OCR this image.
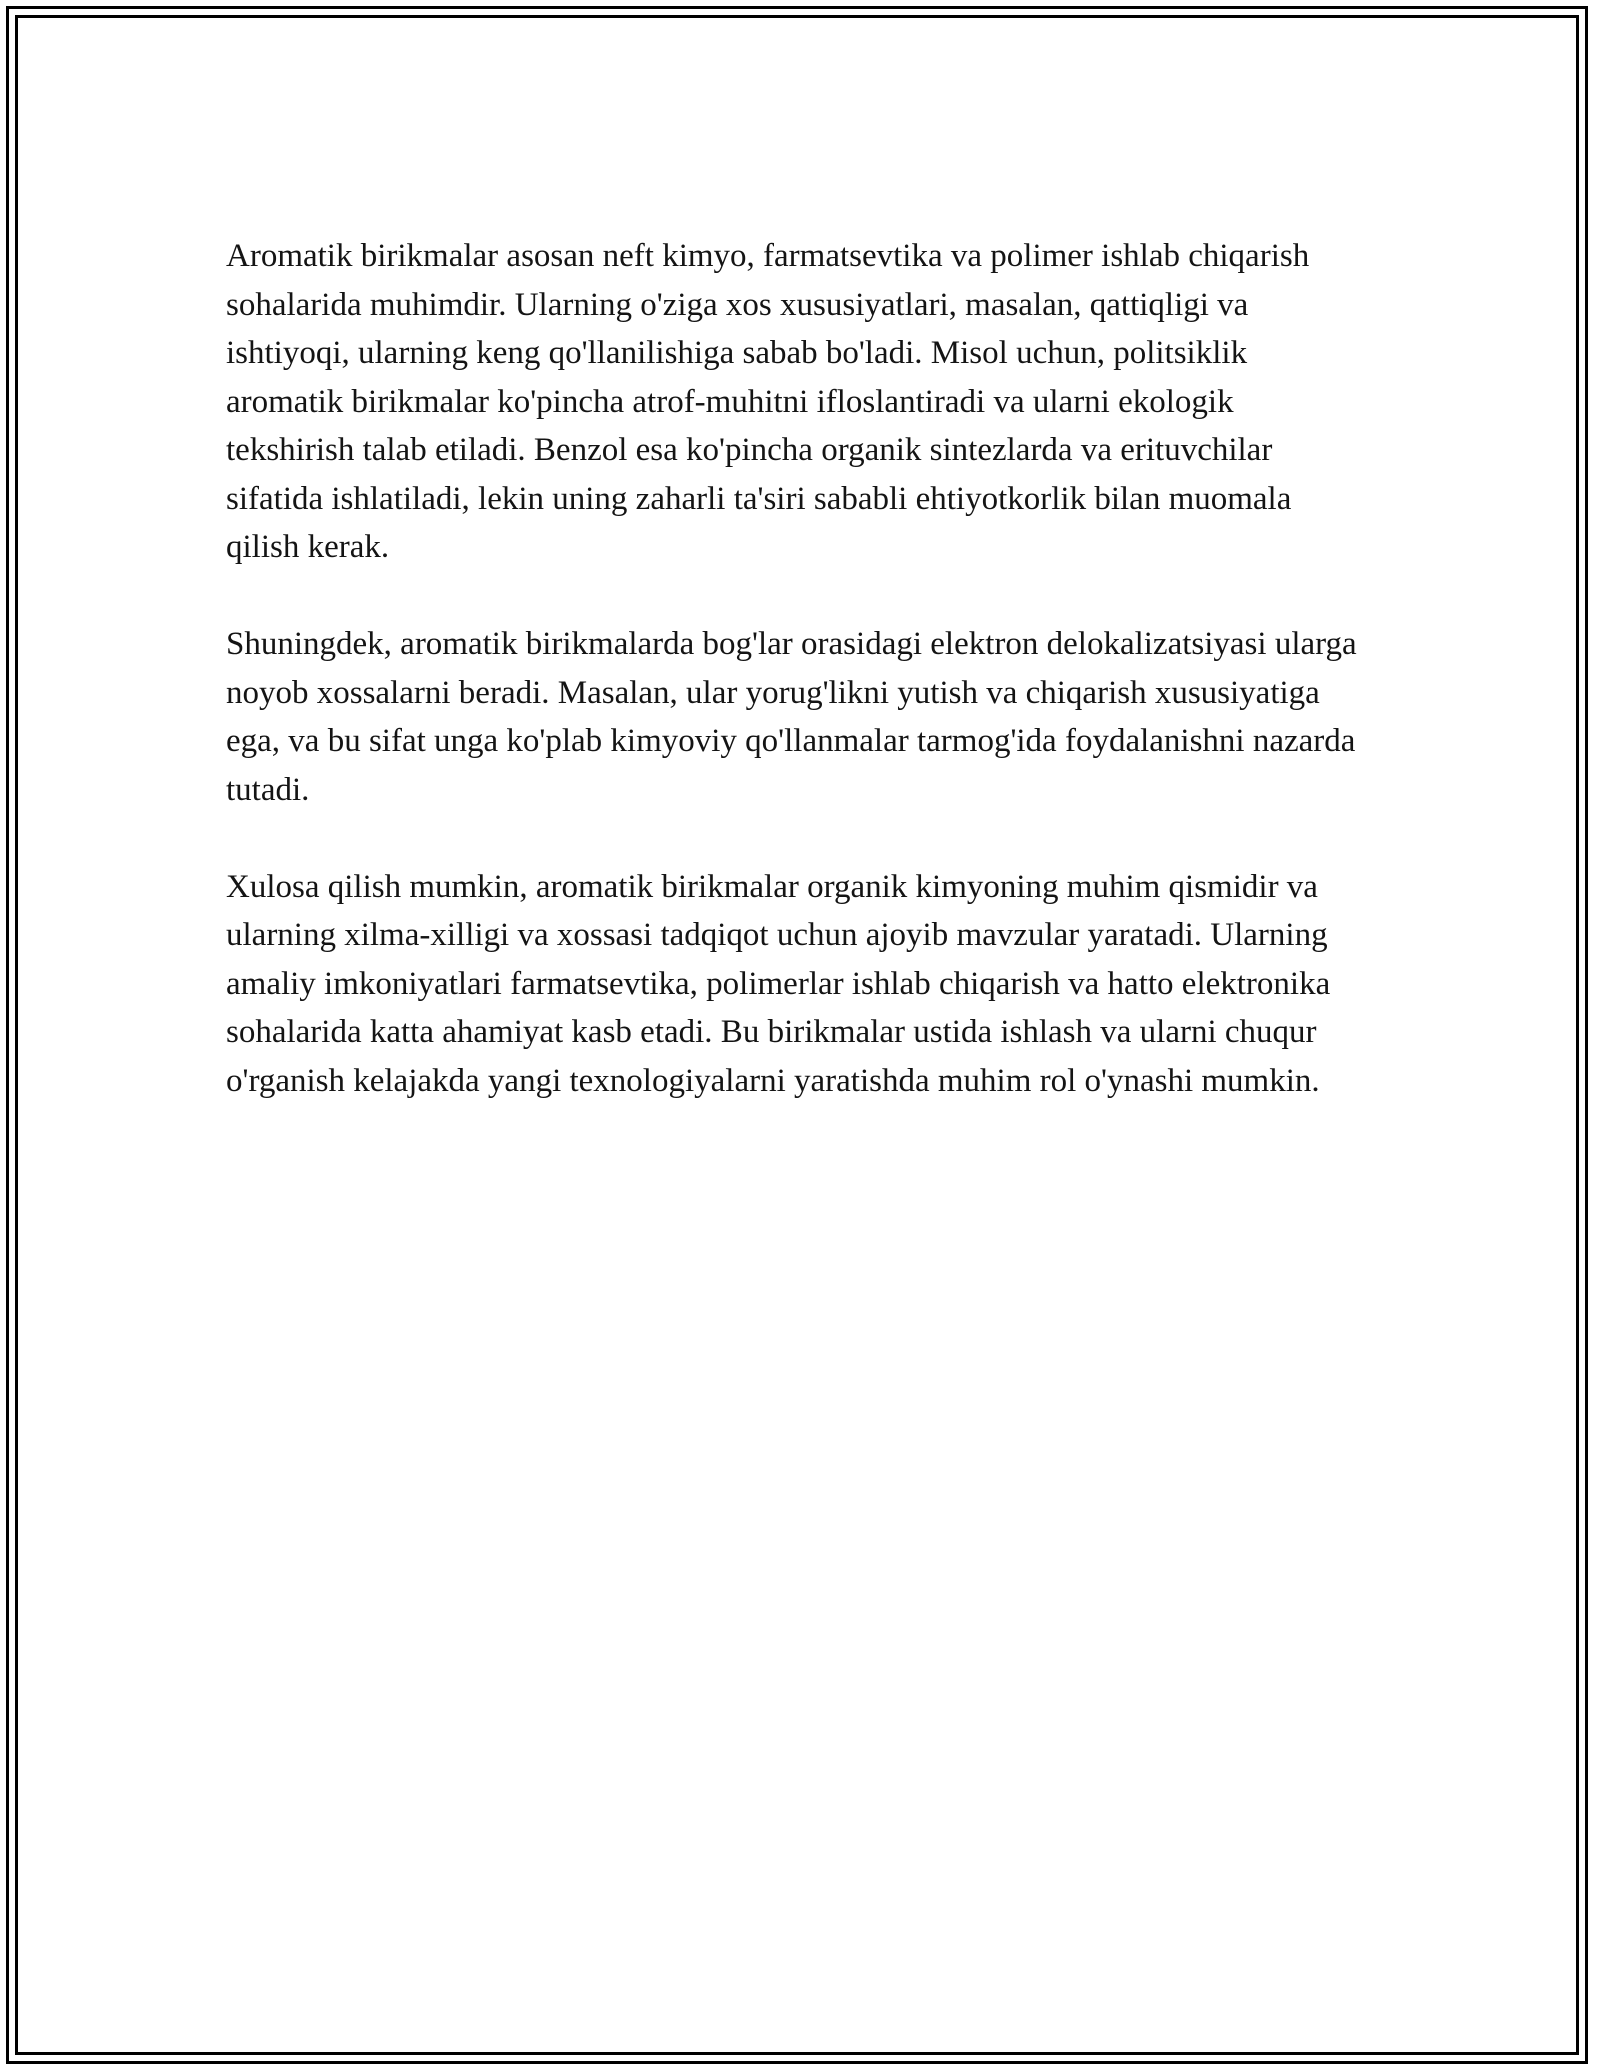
Aromatik birikmalar asosan neft kimyo, farmatsevtika va polimer ishlab chiqarish sohalarida muhimdir. Ularning o'ziga xos xususiyatlari, masalan, qattiqligi va ishtiyoqi, ularning keng qo'llanilishiga sabab bo'ladi. Misol uchun, politsiklik aromatik birikmalar ko'pincha atrof-muhitni ifloslantiradi va ularni ekologik tekshirish talab etiladi. Benzol esa ko'pincha organik sintezlarda va erituvchilar sifatida ishlatiladi, lekin uning zaharli ta'siri sababli ehtiyotkorlik bilan muomala qilish kerak.

Shuningdek, aromatik birikmalarda bog'lar orasidagi elektron delokalizatsiyasi ularga noyob xossalarni beradi. Masalan, ular yorug'likni yutish va chiqarish xususiyatiga ega, va bu sifat unga ko'plab kimyoviy qo'llanmalar tarmog'ida foydalanishni nazarda tutadi.

Xulosa qilish mumkin, aromatik birikmalar organik kimyoning muhim qismidir va ularning xilma-xilligi va xossasi tadqiqot uchun ajoyib mavzular yaratadi. Ularning amaliy imkoniyatlari farmatsevtika, polimerlar ishlab chiqarish va hatto elektronika sohalarida katta ahamiyat kasb etadi. Bu birikmalar ustida ishlash va ularni chuqur o'rganish kelajakda yangi texnologiyalarni yaratishda muhim rol o'ynashi mumkin.
